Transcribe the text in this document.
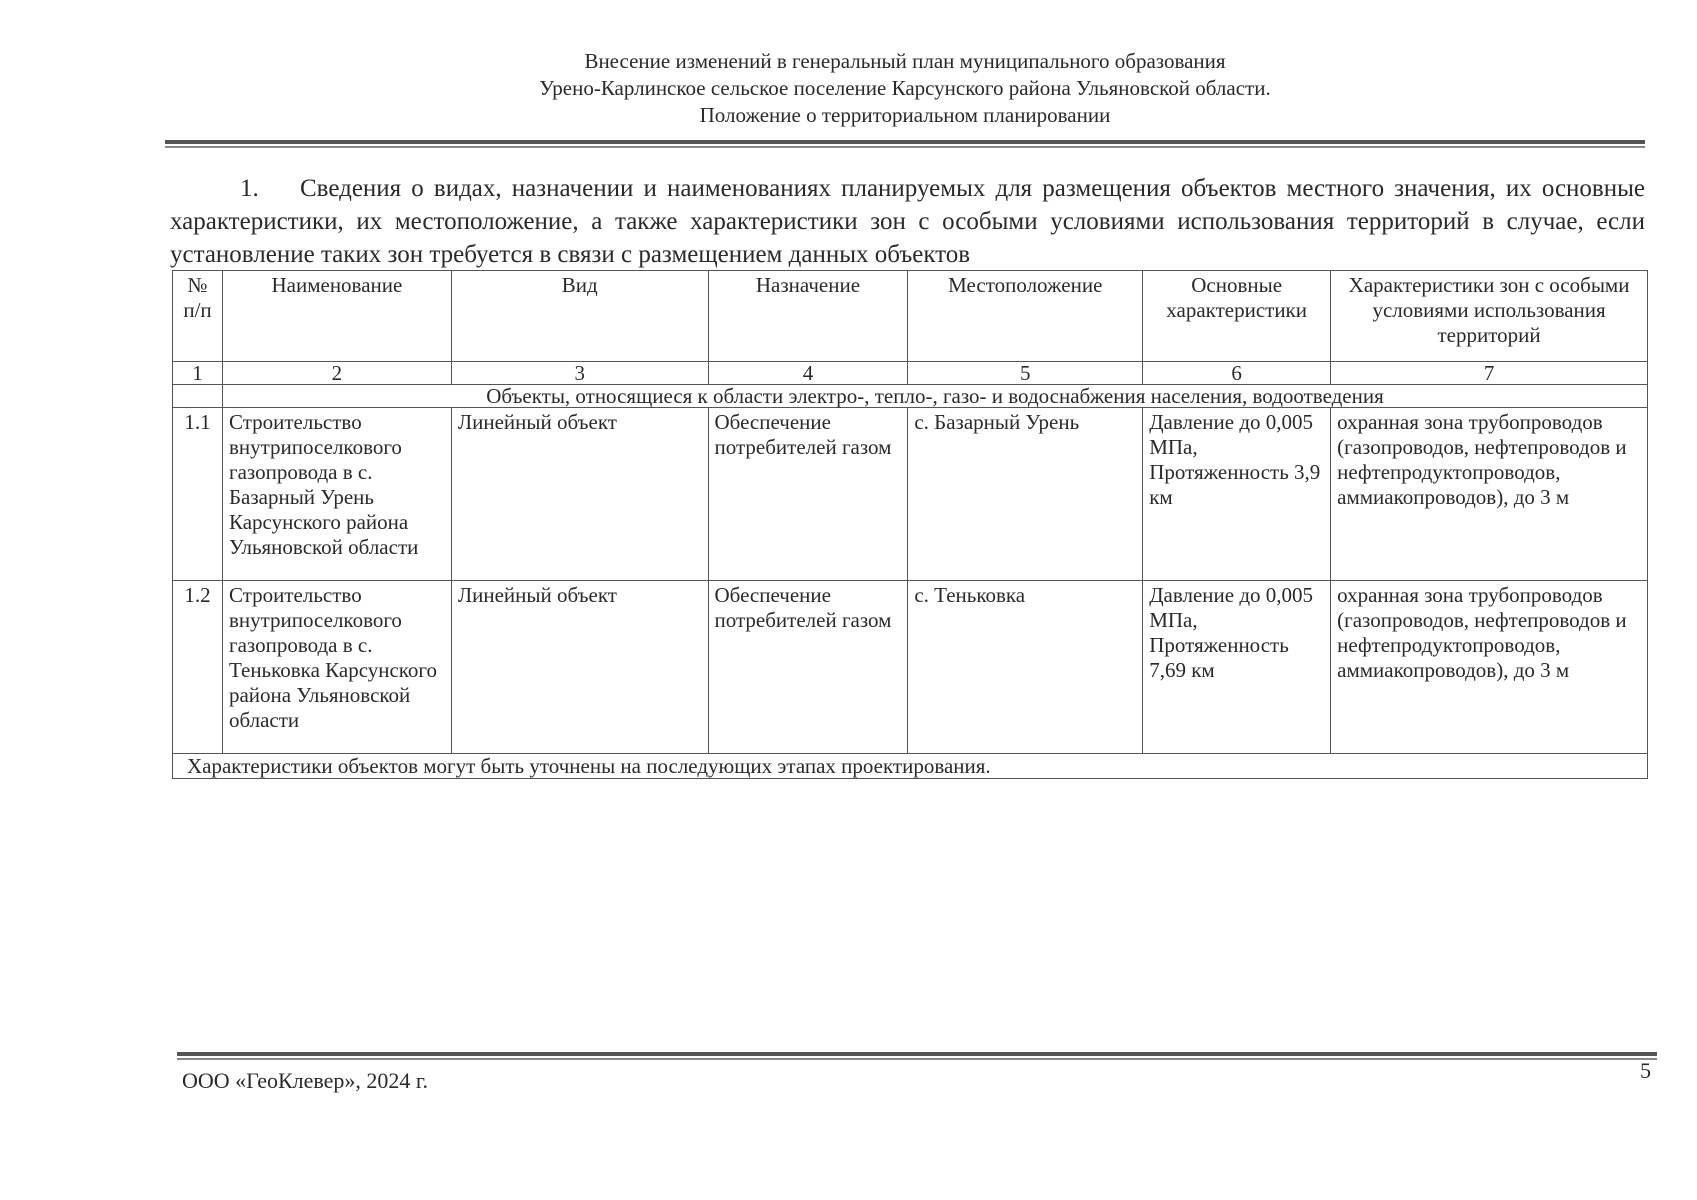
Внесение изменений в генеральный план муниципального образования
Урено-Карлинское сельское поселение Карсунского района Ульяновской области.
Положение о территориальном планировании
1. Сведения о видах, назначении и наименованиях планируемых для размещения объектов местного значения, их основные характеристики, их местоположение, а также характеристики зон с особыми условиями использования территорий в случае, если установление таких зон требуется в связи с размещением данных объектов
№ п/п	Наименование	Вид	Назначение	Местоположение	Основные характеристики	Характеристики зон с особыми условиями использования территорий
1	2	3	4	5	6	7
	Объекты, относящиеся к области электро-, тепло-, газо- и водоснабжения населения, водоотведения					
1.1	Строительство внутрипоселкового газопровода в с. Базарный Урень Карсунского района Ульяновской области	Линейный объект	Обеспечение потребителей газом	с. Базарный Урень	Давление до 0,005 МПа, Протяженность 3,9 км	охранная зона трубопроводов (газопроводов, нефтепроводов и нефтепродуктопроводов, аммиакопроводов), до 3 м
1.2	Строительство внутрипоселкового газопровода в с. Теньковка Карсунского района Ульяновской области	Линейный объект	Обеспечение потребителей газом	с. Теньковка	Давление до 0,005 МПа, Протяженность 7,69 км	охранная зона трубопроводов (газопроводов, нефтепроводов и нефтепродуктопроводов, аммиакопроводов), до 3 м
Характеристики объектов могут быть уточнены на последующих этапах проектирования.						
ООО «ГеоКлевер», 2024 г.	5
